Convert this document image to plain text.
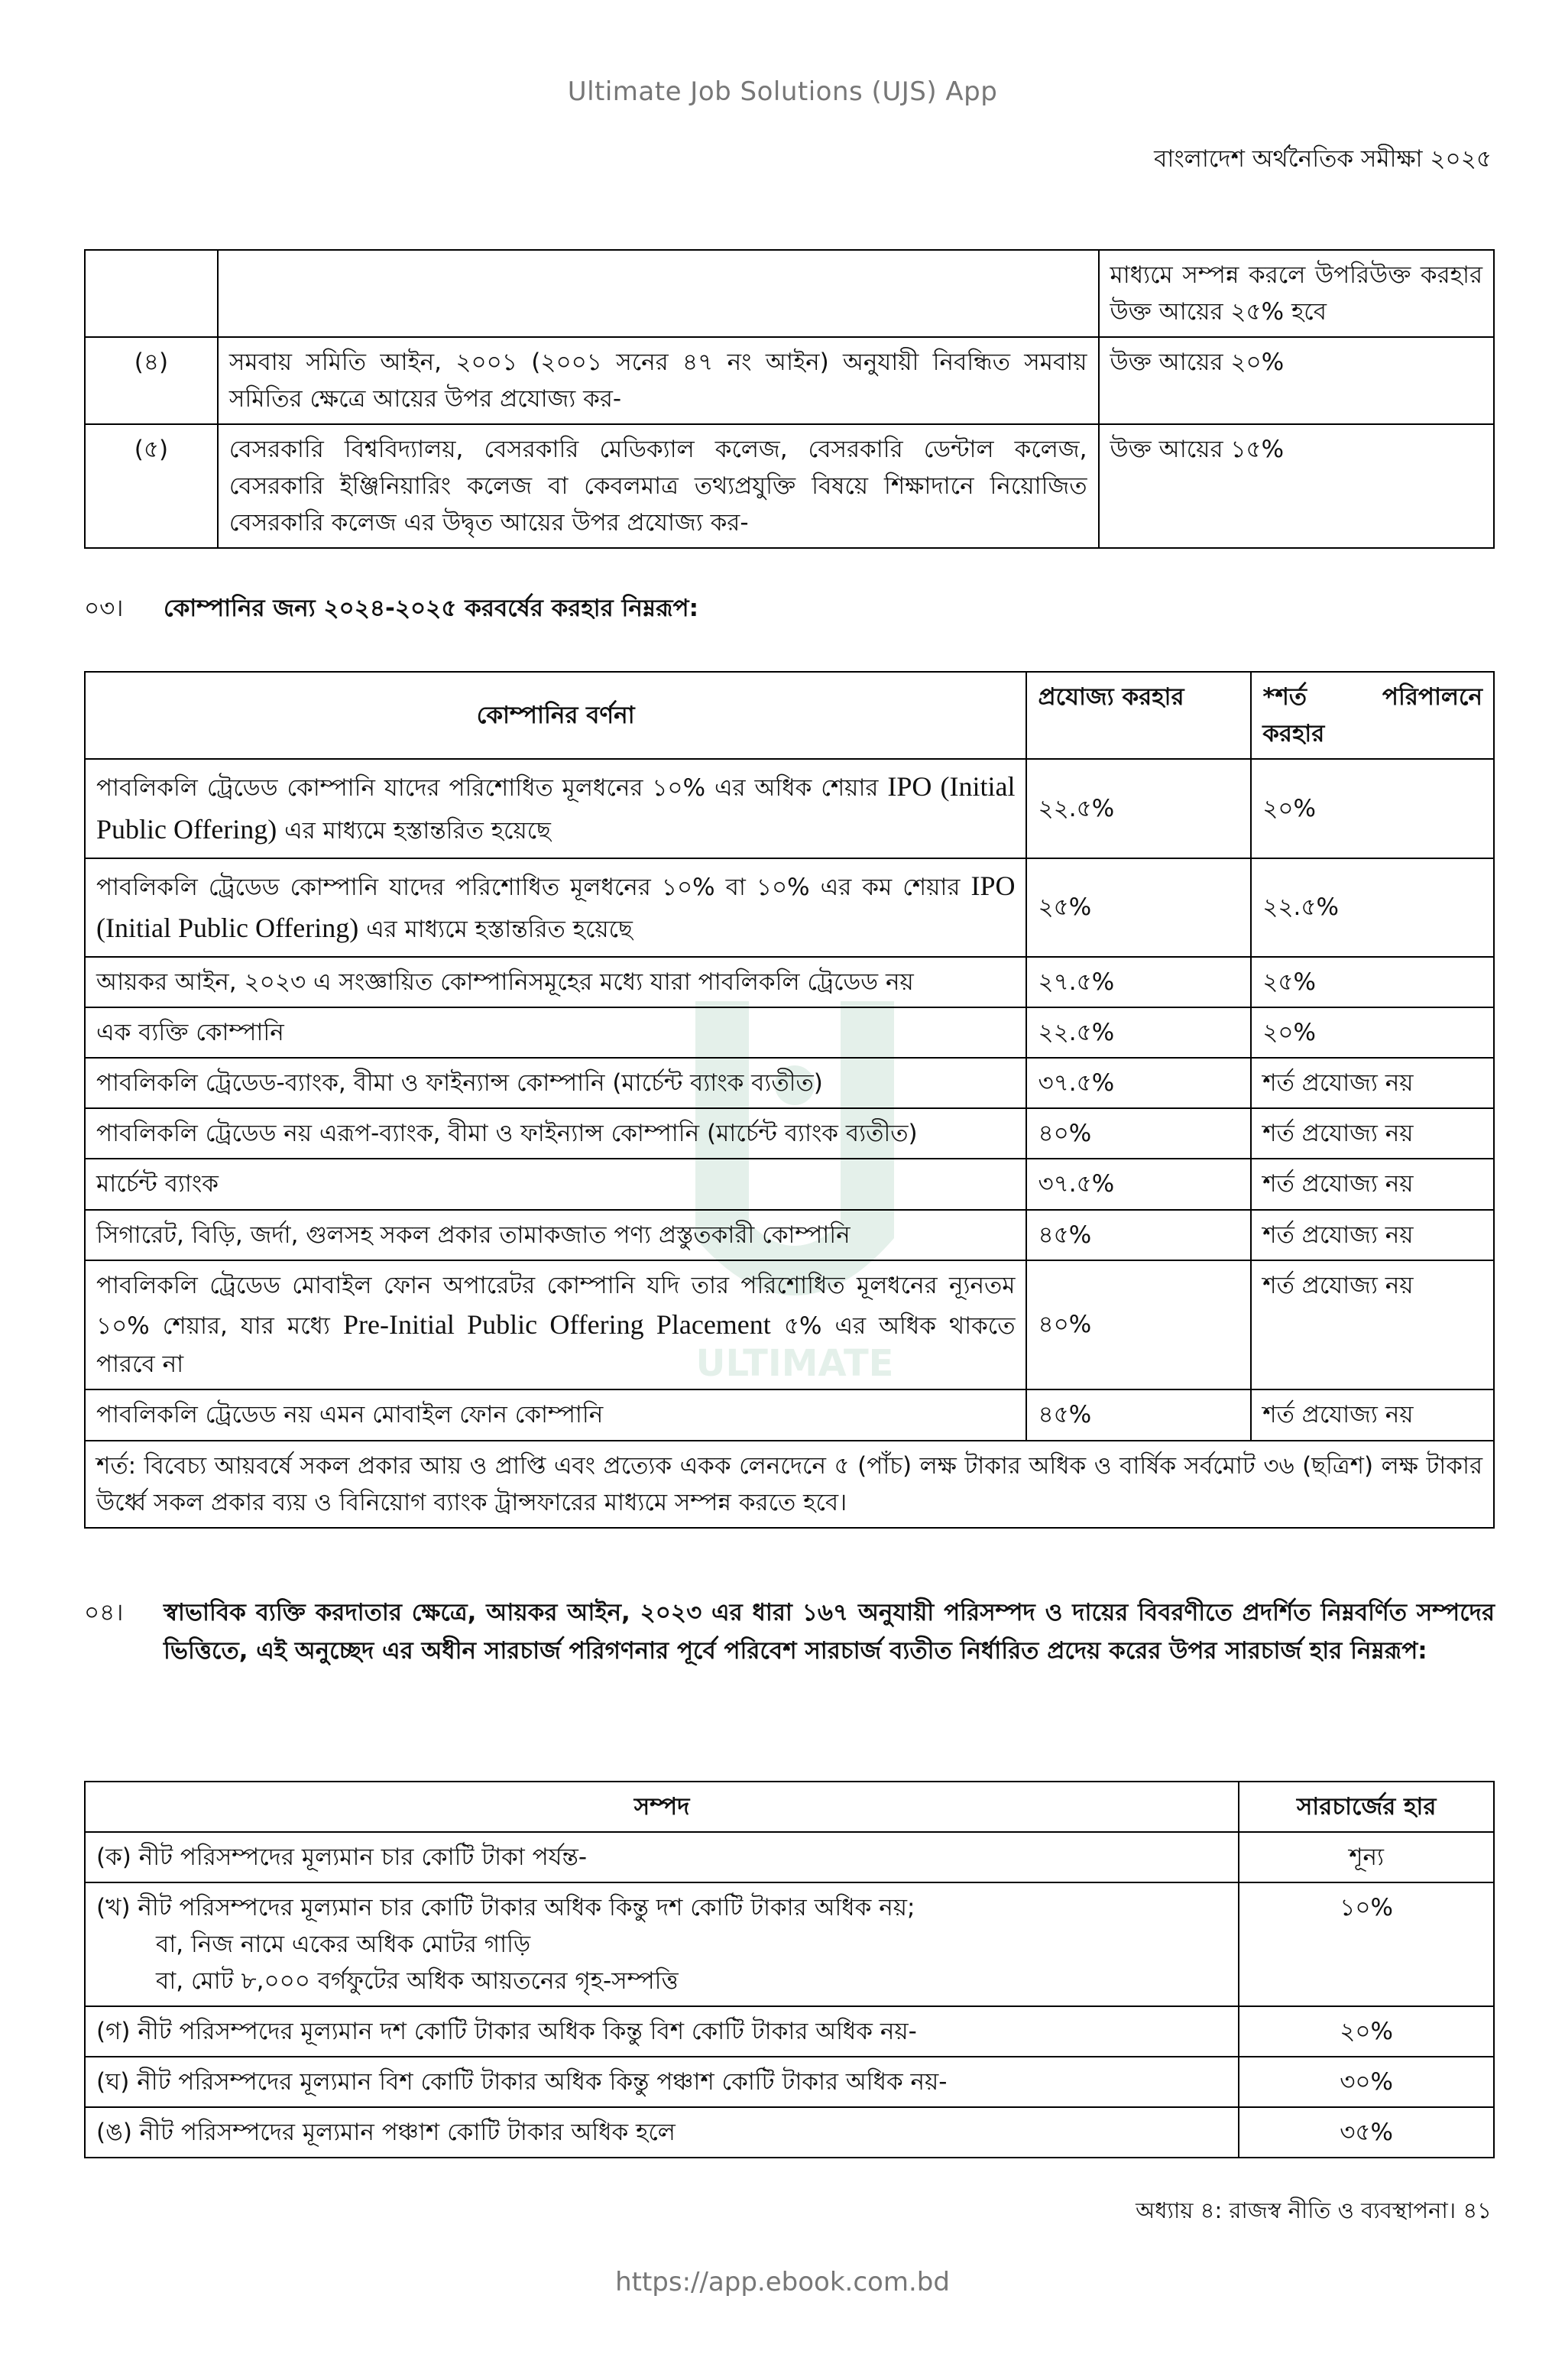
Ultimate Job Solutions (UJS) App
বাংলাদেশ অর্থনৈতিক সমীক্ষা ২০২৫
ULTIMATE
		মাধ্যমে সম্পন্ন করলে উপরিউক্ত করহার উক্ত আয়ের ২৫% হবে
(৪)	সমবায় সমিতি আইন, ২০০১ (২০০১ সনের ৪৭ নং আইন) অনুযায়ী নিবন্ধিত সমবায় সমিতির ক্ষেত্রে আয়ের উপর প্রযোজ্য কর-	উক্ত আয়ের ২০%
(৫)	বেসরকারি বিশ্ববিদ্যালয়, বেসরকারি মেডিক্যাল কলেজ, বেসরকারি ডেন্টাল কলেজ, বেসরকারি ইঞ্জিনিয়ারিং কলেজ বা কেবলমাত্র তথ্যপ্রযুক্তি বিষয়ে শিক্ষাদানে নিয়োজিত বেসরকারি কলেজ এর উদ্বৃত আয়ের উপর প্রযোজ্য কর-	উক্ত আয়ের ১৫%
০৩। কোম্পানির জন্য ২০২৪-২০২৫ করবর্ষের করহার নিম্নরূপ:
কোম্পানির বর্ণনা	প্রযোজ্য করহার	*শর্ত পরিপালনে করহার
পাবলিকলি ট্রেডেড কোম্পানি যাদের পরিশোধিত মূলধনের ১০% এর অধিক শেয়ার IPO (Initial Public Offering) এর মাধ্যমে হস্তান্তরিত হয়েছে	২২.৫%	২০%
পাবলিকলি ট্রেডেড কোম্পানি যাদের পরিশোধিত মূলধনের ১০% বা ১০% এর কম শেয়ার IPO (Initial Public Offering) এর মাধ্যমে হস্তান্তরিত হয়েছে	২৫%	২২.৫%
আয়কর আইন, ২০২৩ এ সংজ্ঞায়িত কোম্পানিসমূহের মধ্যে যারা পাবলিকলি ট্রেডেড নয়	২৭.৫%	২৫%
এক ব্যক্তি কোম্পানি	২২.৫%	২০%
পাবলিকলি ট্রেডেড-ব্যাংক, বীমা ও ফাইন্যান্স কোম্পানি (মার্চেন্ট ব্যাংক ব্যতীত)	৩৭.৫%	শর্ত প্রযোজ্য নয়
পাবলিকলি ট্রেডেড নয় এরূপ-ব্যাংক, বীমা ও ফাইন্যান্স কোম্পানি (মার্চেন্ট ব্যাংক ব্যতীত)	৪০%	শর্ত প্রযোজ্য নয়
মার্চেন্ট ব্যাংক	৩৭.৫%	শর্ত প্রযোজ্য নয়
সিগারেট, বিড়ি, জর্দা, গুলসহ সকল প্রকার তামাকজাত পণ্য প্রস্তুতকারী কোম্পানি	৪৫%	শর্ত প্রযোজ্য নয়
পাবলিকলি ট্রেডেড মোবাইল ফোন অপারেটর কোম্পানি যদি তার পরিশোধিত মূলধনের ন্যূনতম ১০% শেয়ার, যার মধ্যে Pre-Initial Public Offering Placement ৫% এর অধিক থাকতে পারবে না	৪০%	শর্ত প্রযোজ্য নয়
পাবলিকলি ট্রেডেড নয় এমন মোবাইল ফোন কোম্পানি	৪৫%	শর্ত প্রযোজ্য নয়
শর্ত: বিবেচ্য আয়বর্ষে সকল প্রকার আয় ও প্রাপ্তি এবং প্রত্যেক একক লেনদেনে ৫ (পাঁচ) লক্ষ টাকার অধিক ও বার্ষিক সর্বমোট ৩৬ (ছত্রিশ) লক্ষ টাকার উর্ধ্বে সকল প্রকার ব্যয় ও বিনিয়োগ ব্যাংক ট্রান্সফারের মাধ্যমে সম্পন্ন করতে হবে।		
০৪। স্বাভাবিক ব্যক্তি করদাতার ক্ষেত্রে, আয়কর আইন, ২০২৩ এর ধারা ১৬৭ অনুযায়ী পরিসম্পদ ও দায়ের বিবরণীতে প্রদর্শিত নিম্নবর্ণিত সম্পদের ভিত্তিতে, এই অনুচ্ছেদ এর অধীন সারচার্জ পরিগণনার পূর্বে পরিবেশ সারচার্জ ব্যতীত নির্ধারিত প্রদেয় করের উপর সারচার্জ হার নিম্নরূপ:
সম্পদ	সারচার্জের হার

(ক) নীট পরিসম্পদের মূল্যমান চার কোটি টাকা পর্যন্ত-	শূন্য

(খ) নীট পরিসম্পদের মূল্যমান চার কোটি টাকার অধিক কিন্তু দশ কোটি টাকার অধিক নয়;
বা, নিজ নামে একের অধিক মোটর গাড়ি
বা, মোট ৮,০০০ বর্গফুটের অধিক আয়তনের গৃহ-সম্পত্তি	১০%

(গ) নীট পরিসম্পদের মূল্যমান দশ কোটি টাকার অধিক কিন্তু বিশ কোটি টাকার অধিক নয়-	২০%

(ঘ) নীট পরিসম্পদের মূল্যমান বিশ কোটি টাকার অধিক কিন্তু পঞ্চাশ কোটি টাকার অধিক নয়-	৩০%

(ঙ) নীট পরিসম্পদের মূল্যমান পঞ্চাশ কোটি টাকার অধিক হলে	৩৫%
অধ্যায় ৪: রাজস্ব নীতি ও ব্যবস্থাপনা। ৪১
https://app.ebook.com.bd
